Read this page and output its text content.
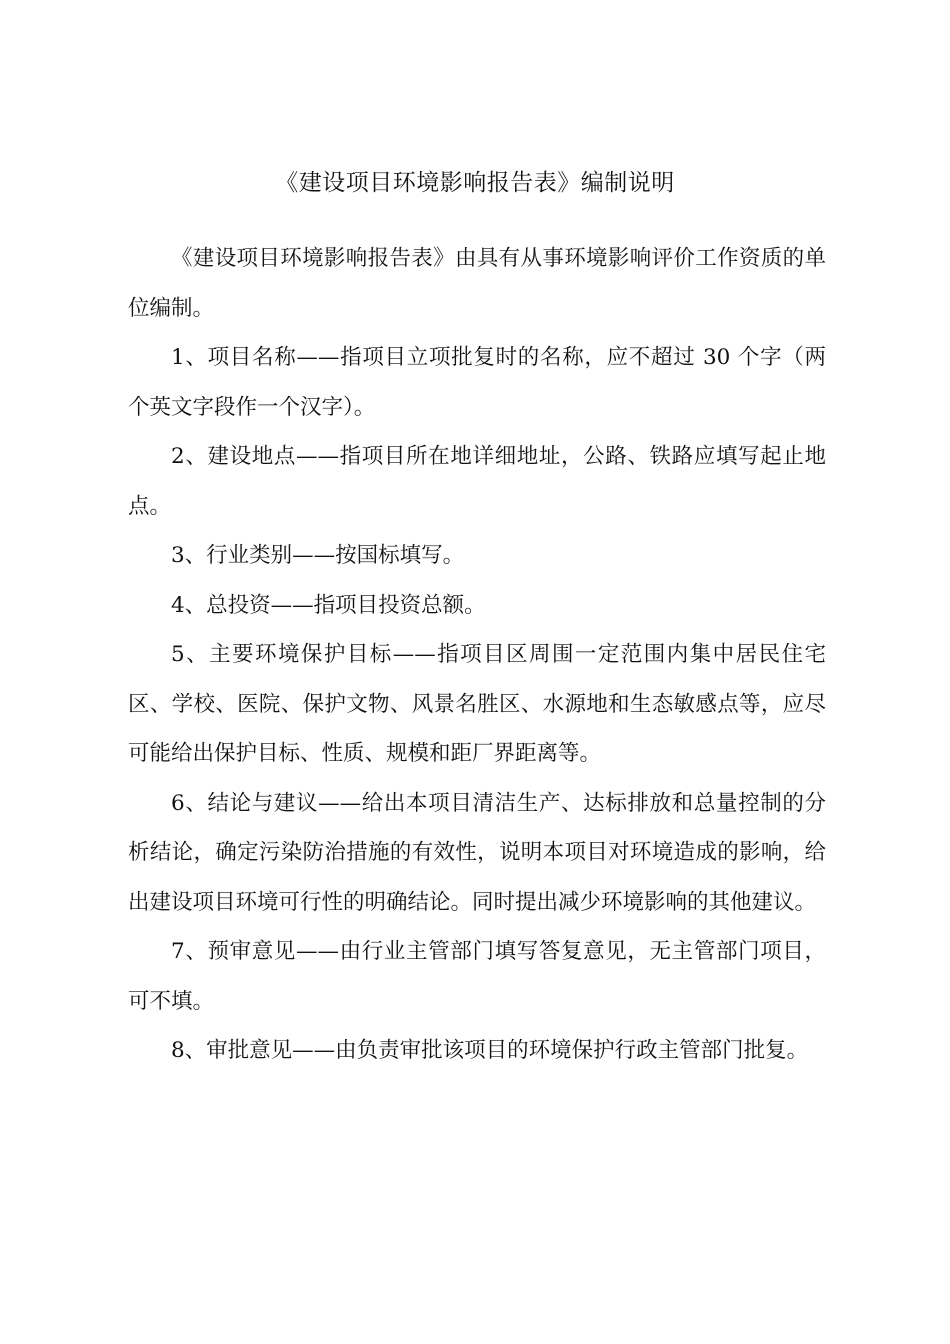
《建设项目环境影响报告表》编制说明

《建设项目环境影响报告表》由具有从事环境影响评价工作资质的单位编制。

1、项目名称——指项目立项批复时的名称，应不超过 30 个字（两个英文字段作一个汉字）。

2、建设地点——指项目所在地详细地址，公路、铁路应填写起止地点。

3、行业类别——按国标填写。

4、总投资——指项目投资总额。

5、主要环境保护目标——指项目区周围一定范围内集中居民住宅区、学校、医院、保护文物、风景名胜区、水源地和生态敏感点等，应尽可能给出保护目标、性质、规模和距厂界距离等。

6、结论与建议——给出本项目清洁生产、达标排放和总量控制的分析结论，确定污染防治措施的有效性，说明本项目对环境造成的影响，给出建设项目环境可行性的明确结论。同时提出减少环境影响的其他建议。

7、预审意见——由行业主管部门填写答复意见，无主管部门项目，可不填。

8、审批意见——由负责审批该项目的环境保护行政主管部门批复。
